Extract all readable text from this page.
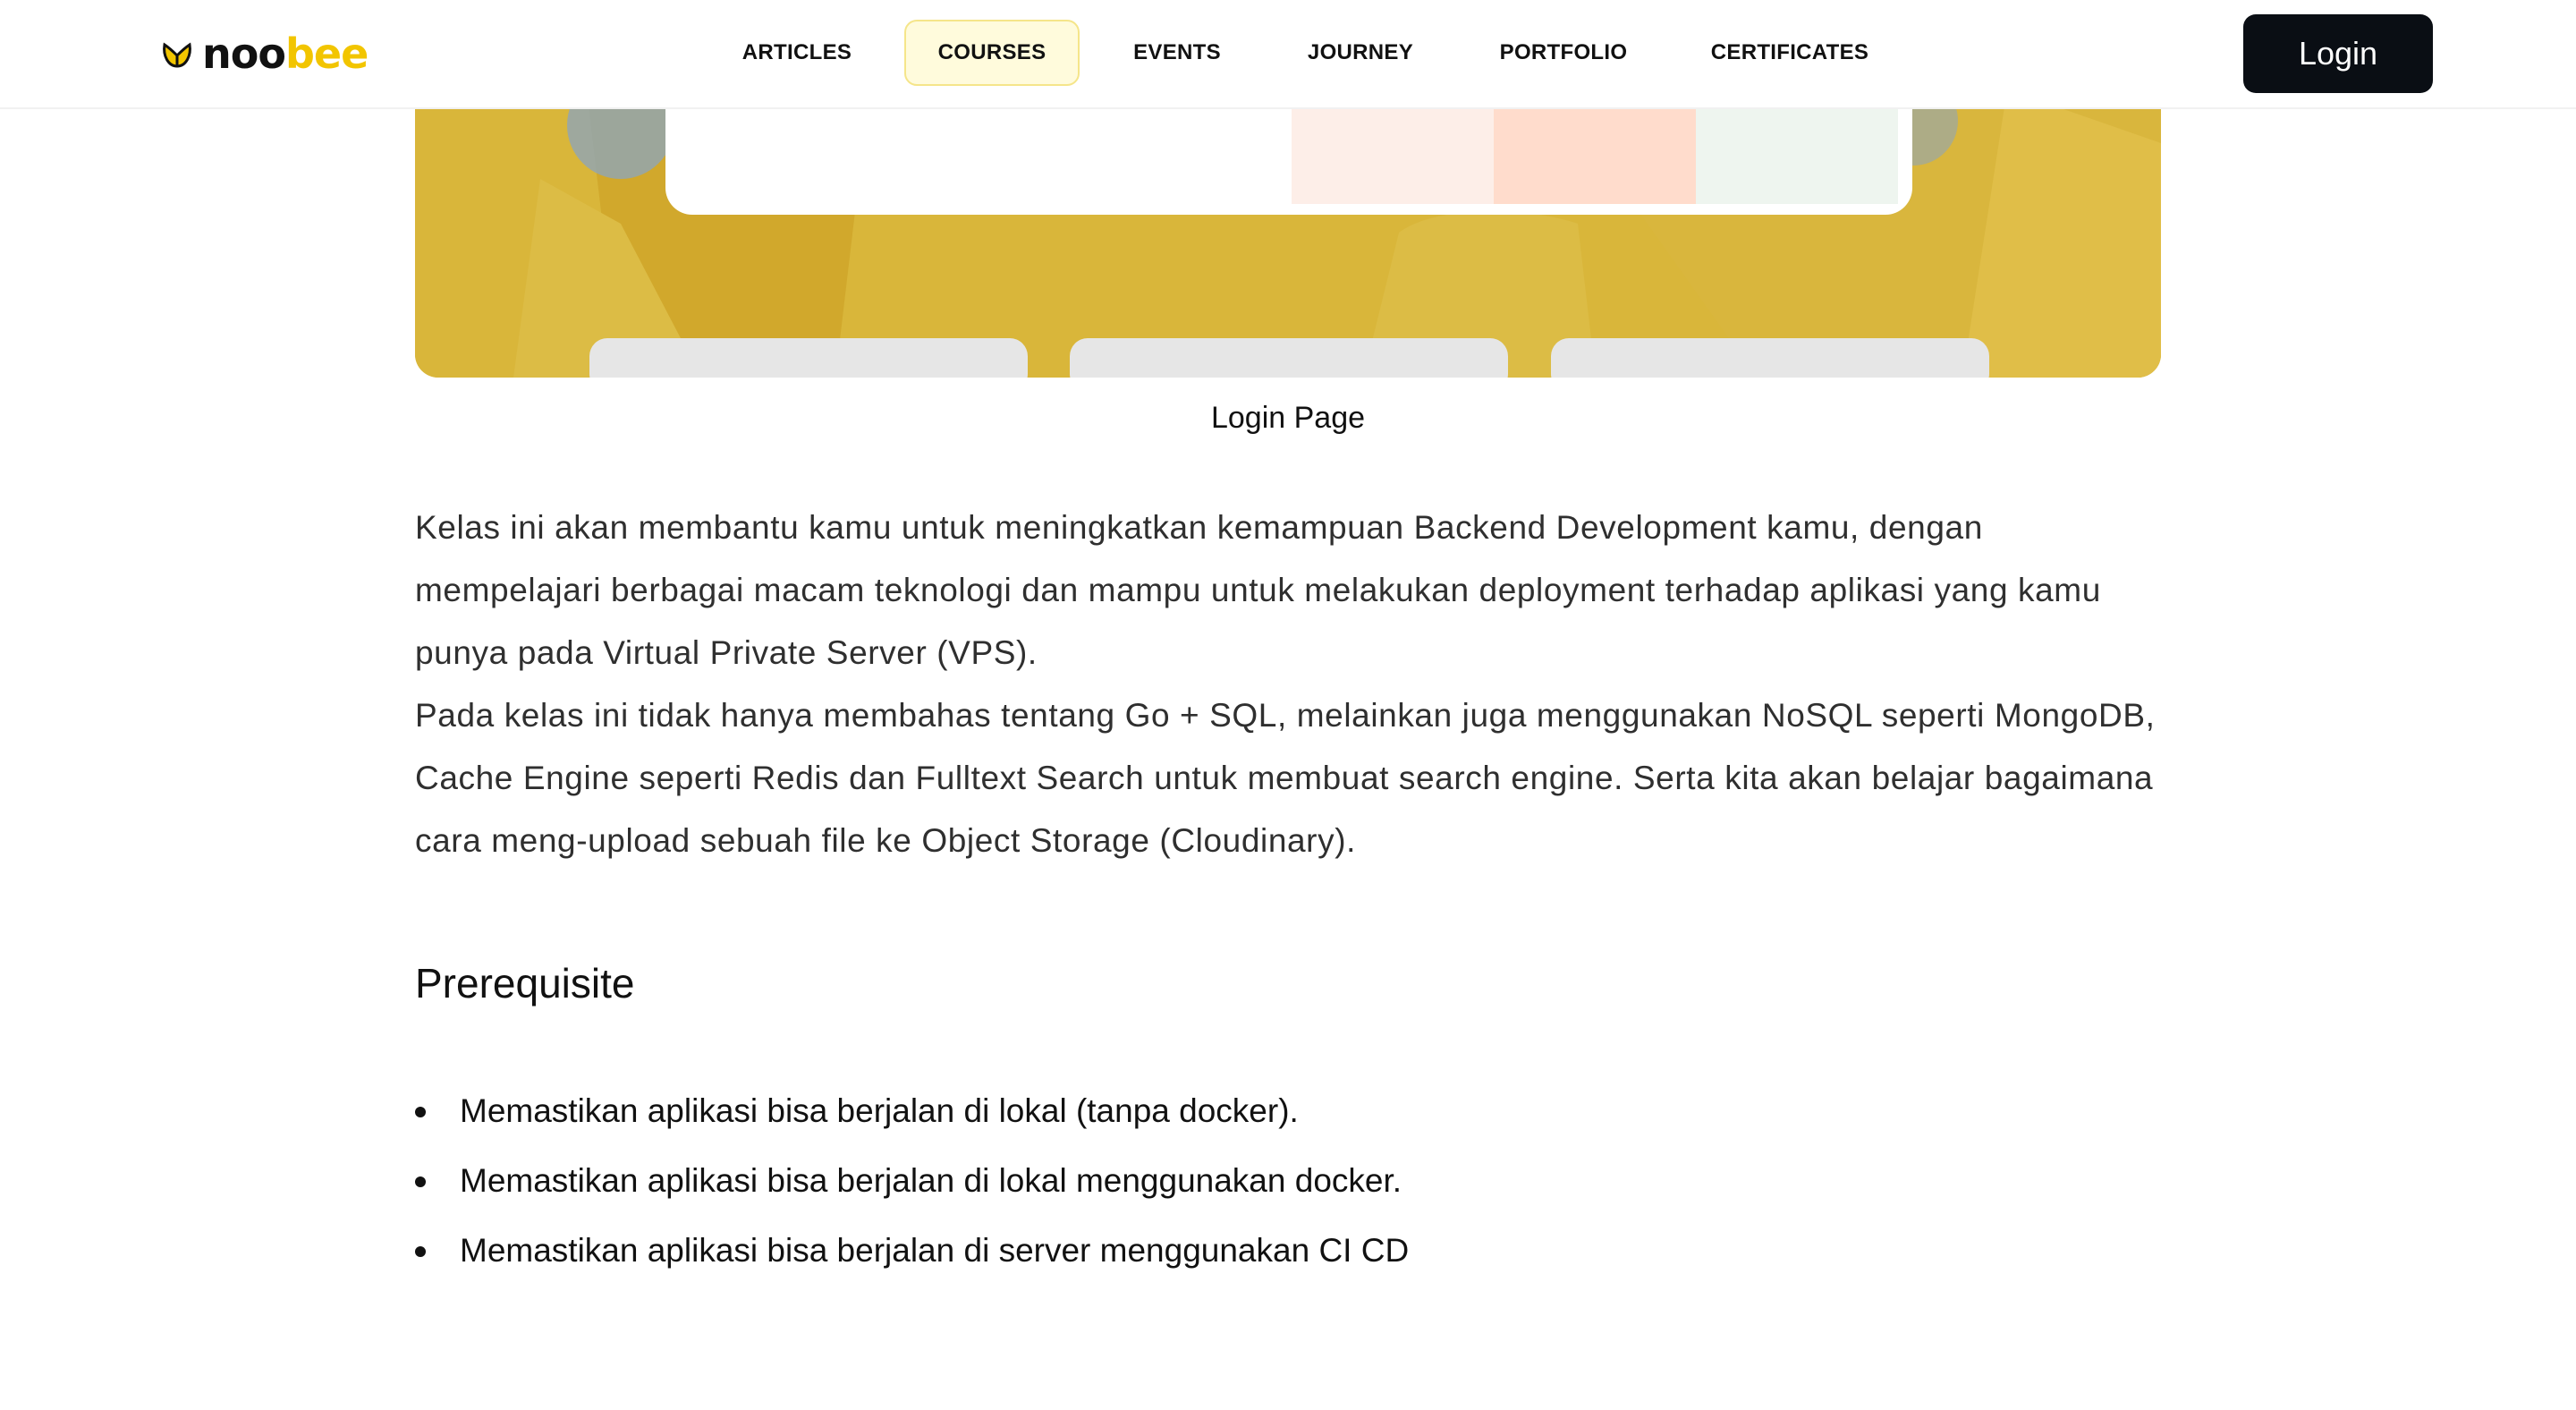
noobee	ARTICLES	COURSES	EVENTS	JOURNEY	PORTFOLIO	CERTIFICATES	Login
Login Page

Kelas ini akan membantu kamu untuk meningkatkan kemampuan Backend Development kamu, dengan mempelajari berbagai macam teknologi dan mampu untuk melakukan deployment terhadap aplikasi yang kamu punya pada Virtual Private Server (VPS).

Pada kelas ini tidak hanya membahas tentang Go + SQL, melainkan juga menggunakan NoSQL seperti MongoDB, Cache Engine seperti Redis dan Fulltext Search untuk membuat search engine. Serta kita akan belajar bagaimana cara meng-upload sebuah file ke Object Storage (Cloudinary).

Prerequisite
Memastikan aplikasi bisa berjalan di lokal (tanpa docker).
Memastikan aplikasi bisa berjalan di lokal menggunakan docker.
Memastikan aplikasi bisa berjalan di server menggunakan CI CD
